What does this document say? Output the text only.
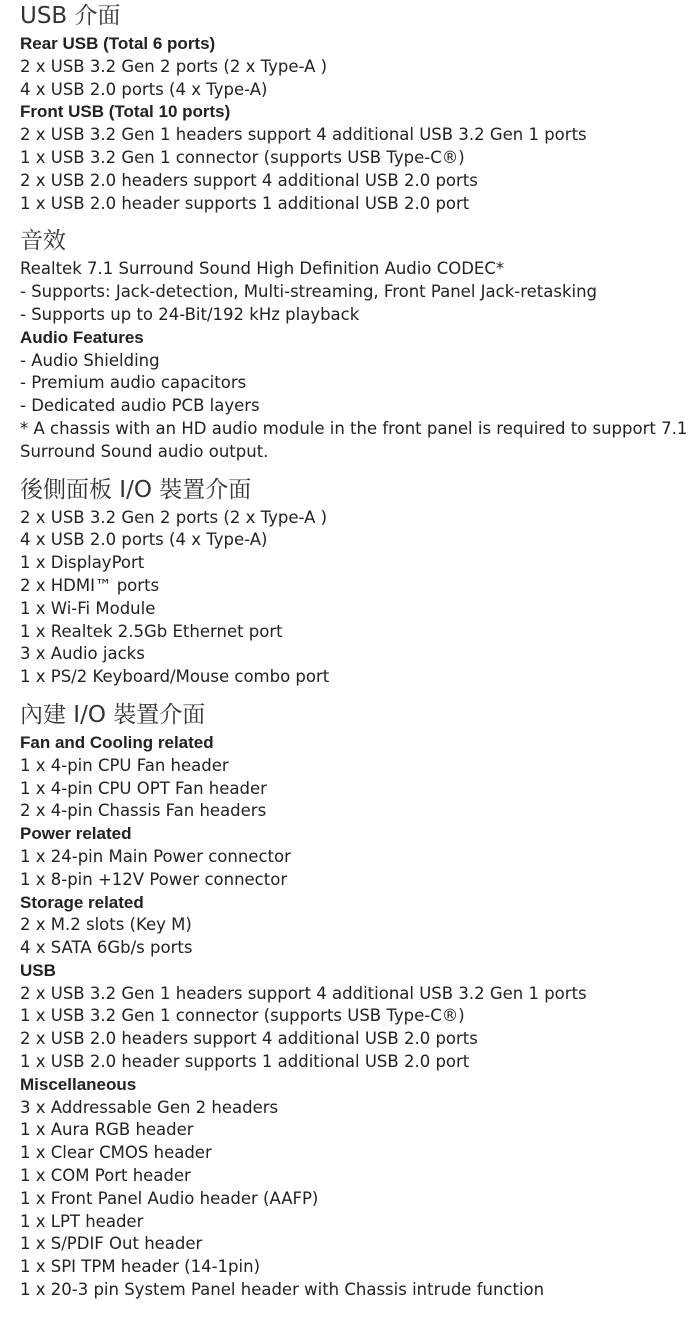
USB 介面
Rear USB (Total 6 ports)
2 x USB 3.2 Gen 2 ports (2 x Type-A )
4 x USB 2.0 ports (4 x Type-A)
Front USB (Total 10 ports)
2 x USB 3.2 Gen 1 headers support 4 additional USB 3.2 Gen 1 ports
1 x USB 3.2 Gen 1 connector (supports USB Type-C®)
2 x USB 2.0 headers support 4 additional USB 2.0 ports
1 x USB 2.0 header supports 1 additional USB 2.0 port
音效
Realtek 7.1 Surround Sound High Definition Audio CODEC*
- Supports: Jack-detection, Multi-streaming, Front Panel Jack-retasking
- Supports up to 24-Bit/192 kHz playback
Audio Features
- Audio Shielding
- Premium audio capacitors
- Dedicated audio PCB layers
* A chassis with an HD audio module in the front panel is required to support 7.1 Surround Sound audio output.
後側面板 I/O 裝置介面
2 x USB 3.2 Gen 2 ports (2 x Type-A )
4 x USB 2.0 ports (4 x Type-A)
1 x DisplayPort
2 x HDMI™ ports
1 x Wi-Fi Module
1 x Realtek 2.5Gb Ethernet port
3 x Audio jacks
1 x PS/2 Keyboard/Mouse combo port
內建 I/O 裝置介面
Fan and Cooling related
1 x 4-pin CPU Fan header
1 x 4-pin CPU OPT Fan header
2 x 4-pin Chassis Fan headers
Power related
1 x 24-pin Main Power connector
1 x 8-pin +12V Power connector
Storage related
2 x M.2 slots (Key M)
4 x SATA 6Gb/s ports
USB
2 x USB 3.2 Gen 1 headers support 4 additional USB 3.2 Gen 1 ports
1 x USB 3.2 Gen 1 connector (supports USB Type-C®)
2 x USB 2.0 headers support 4 additional USB 2.0 ports
1 x USB 2.0 header supports 1 additional USB 2.0 port
Miscellaneous
3 x Addressable Gen 2 headers
1 x Aura RGB header
1 x Clear CMOS header
1 x COM Port header
1 x Front Panel Audio header (AAFP)
1 x LPT header
1 x S/PDIF Out header
1 x SPI TPM header (14-1pin)
1 x 20-3 pin System Panel header with Chassis intrude function
